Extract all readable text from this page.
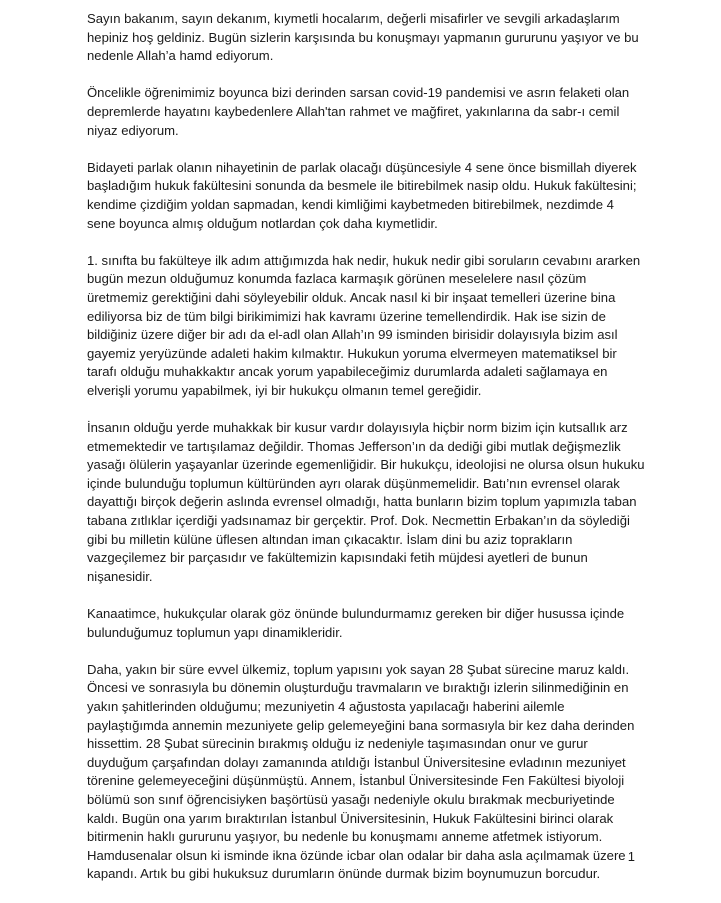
Sayın bakanım, sayın dekanım, kıymetli hocalarım, değerli misafirler ve sevgili arkadaşlarım hepiniz hoş geldiniz. Bugün sizlerin karşısında bu konuşmayı yapmanın gururunu yaşıyor ve bu nedenle Allah’a hamd ediyorum.

Öncelikle öğrenimimiz boyunca bizi derinden sarsan covid-19 pandemisi ve asrın felaketi olan depremlerde hayatını kaybedenlere Allah'tan rahmet ve mağfiret, yakınlarına da sabr-ı cemil niyaz ediyorum.

Bidayeti parlak olanın nihayetinin de parlak olacağı düşüncesiyle 4 sene önce bismillah diyerek başladığım hukuk fakültesini sonunda da besmele ile bitirebilmek nasip oldu. Hukuk fakültesini; kendime çizdiğim yoldan sapmadan, kendi kimliğimi kaybetmeden bitirebilmek, nezdimde 4 sene boyunca almış olduğum notlardan çok daha kıymetlidir.

1. sınıfta bu fakülteye ilk adım attığımızda hak nedir, hukuk nedir gibi soruların cevabını ararken bugün mezun olduğumuz konumda fazlaca karmaşık görünen meselelere nasıl çözüm üretmemiz gerektiğini dahi söyleyebilir olduk. Ancak nasıl ki bir inşaat temelleri üzerine bina ediliyorsa biz de tüm bilgi birikimimizi hak kavramı üzerine temellendirdik. Hak ise sizin de bildiğiniz üzere diğer bir adı da el-adl olan Allah’ın 99 isminden birisidir dolayısıyla bizim asıl gayemiz yeryüzünde adaleti hakim kılmaktır. Hukukun yoruma elvermeyen matematiksel bir tarafı olduğu muhakkaktır ancak yorum yapabileceğimiz durumlarda adaleti sağlamaya en elverişli yorumu yapabilmek, iyi bir hukukçu olmanın temel gereğidir.

İnsanın olduğu yerde muhakkak bir kusur vardır dolayısıyla hiçbir norm bizim için kutsallık arz etmemektedir ve tartışılamaz değildir. Thomas Jefferson’ın da dediği gibi mutlak değişmezlik yasağı ölülerin yaşayanlar üzerinde egemenliğidir. Bir hukukçu, ideolojisi ne olursa olsun hukuku içinde bulunduğu toplumun kültüründen ayrı olarak düşünmemelidir. Batı’nın evrensel olarak dayattığı birçok değerin aslında evrensel olmadığı, hatta bunların bizim toplum yapımızla taban tabana zıtlıklar içerdiği yadsınamaz bir gerçektir. Prof. Dok. Necmettin Erbakan’ın da söylediği gibi bu milletin külüne üflesen altından iman çıkacaktır. İslam dini bu aziz toprakların vazgeçilemez bir parçasıdır ve fakültemizin kapısındaki fetih müjdesi ayetleri de bunun nişanesidir.

Kanaatimce, hukukçular olarak göz önünde bulundurmamız gereken bir diğer husussa içinde bulunduğumuz toplumun yapı dinamikleridir.

Daha, yakın bir süre evvel ülkemiz, toplum yapısını yok sayan 28 Şubat sürecine maruz kaldı. Öncesi ve sonrasıyla bu dönemin oluşturduğu travmaların ve bıraktığı izlerin silinmediğinin en yakın şahitlerinden olduğumu; mezuniyetin 4 ağustosta yapılacağı haberini ailemle paylaştığımda annemin mezuniyete gelip gelemeyeğini bana sormasıyla bir kez daha derinden hissettim. 28 Şubat sürecinin bırakmış olduğu iz nedeniyle taşımasından onur ve gurur duyduğum çarşafından dolayı zamanında atıldığı İstanbul Üniversitesine evladının mezuniyet törenine gelemeyeceğini düşünmüştü. Annem, İstanbul Üniversitesinde Fen Fakültesi biyoloji bölümü son sınıf öğrencisiyken başörtüsü yasağı nedeniyle okulu bırakmak mecburiyetinde kaldı. Bugün ona yarım bıraktırılan İstanbul Üniversitesinin, Hukuk Fakültesini birinci olarak bitirmenin haklı gururunu yaşıyor, bu nedenle bu konuşmamı anneme atfetmek istiyorum. Hamdusenalar olsun ki isminde ikna özünde icbar olan odalar bir daha asla açılmamak üzere kapandı. Artık bu gibi hukuksuz durumların önünde durmak bizim boynumuzun borcudur.

1
